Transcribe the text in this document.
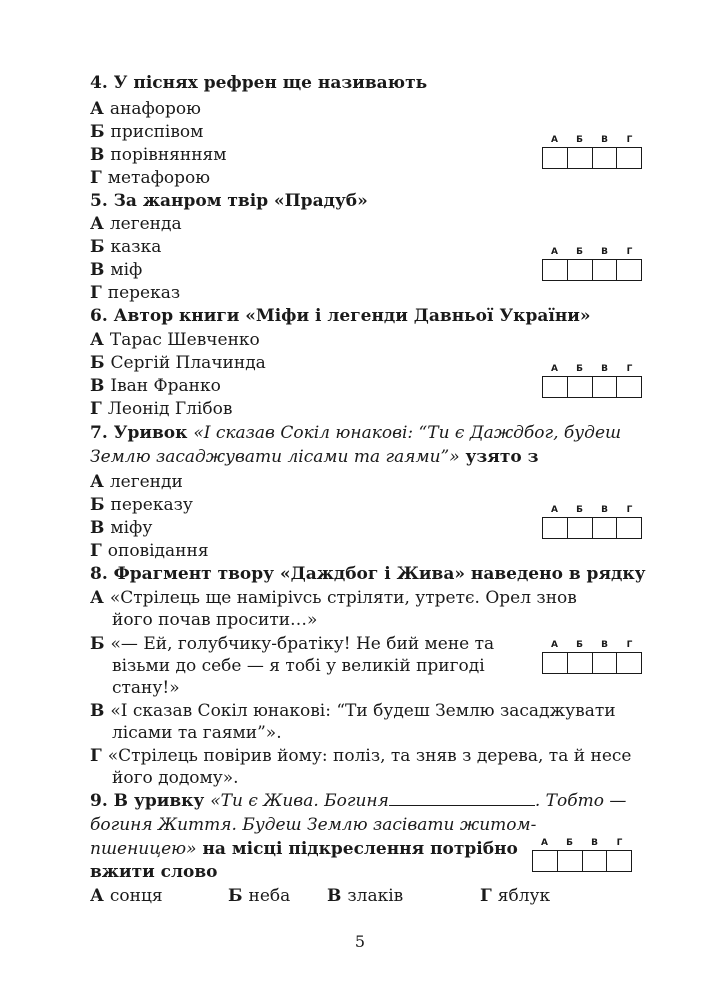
4. У піснях рефрен ще називають
А анафорою
Б приспівом
В порівнянням
Г метафорою
А	Б	В	Г
5. За жанром твір «Прадуб»
А легенда
Б казка
В міф
Г переказ
А	Б	В	Г
6. Автор книги «Міфи і легенди Давньої України»
А Тарас Шевченко
Б Сергій Плачинда
В Іван Франко
Г Леонід Глібов
А	Б	В	Г
7. Уривок «І сказав Сокіл юнакові: “Ти є Даждбог, будеш
Землю засаджувати лісами та гаями”» узято з
А легенди
Б переказу
В міфу
Г оповідання
А	Б	В	Г
8. Фрагмент твору «Даждбог і Жива» наведено в рядку
А «Стрілець ще намірivсь стріляти, утретє. Орел знов
його почав просити…»
Б «— Ей, голубчику-братіку! Не бий мене та
візьми до себе — я тобі у великій пригоді
стану!»
В «І сказав Сокіл юнакові: “Ти будеш Землю засаджувати
лісами та гаями”».
Г «Стрілець повірив йому: поліз, та зняв з дерева, та й несе
його додому».
А	Б	В	Г
9. В уривку «Ти є Жива. Богиня	. Тобто —
богиня Життя. Будеш Землю засівати житом-
пшеницею» на місці підкреслення потрібно
вжити слово
А сонця	Б неба В злаків	Г яблук
А	Б	В	Г
5
